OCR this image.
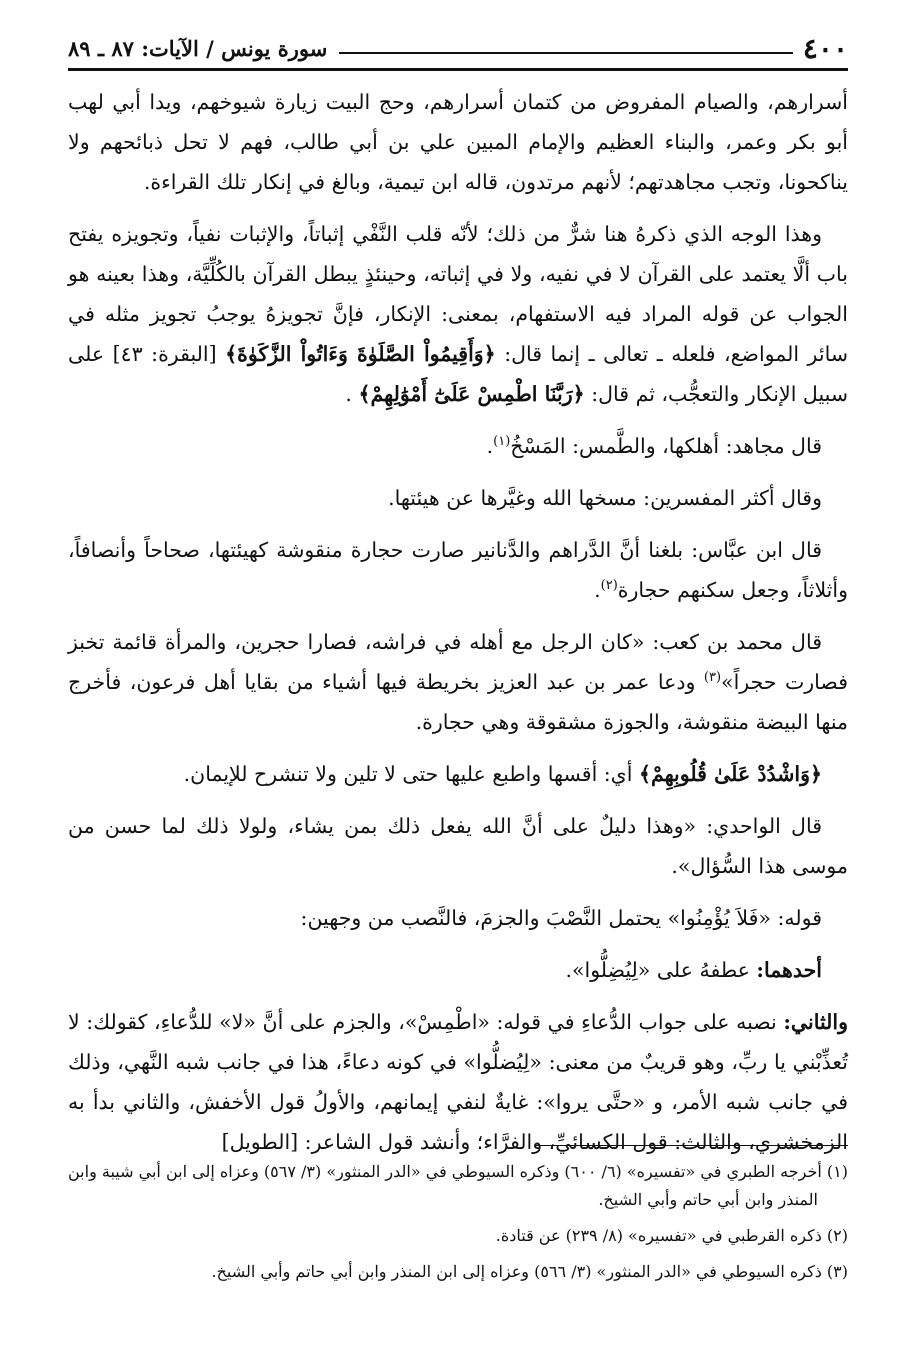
٤٠٠
سورة يونس / الآيات: ٨٧ ـ ٨٩

أسرارهم، والصيام المفروض من كتمان أسرارهم، وحج البيت زيارة شيوخهم، ويدا أبي لهب أبو بكر وعمر، والبناء العظيم والإمام المبين علي بن أبي طالب، فهم لا تحل ذبائحهم ولا يناكحونا، وتجب مجاهدتهم؛ لأنهم مرتدون، قاله ابن تيمية، وبالغ في إنكار تلك القراءة.

وهذا الوجه الذي ذكرهُ هنا شرٌّ من ذلك؛ لأنّه قلب النَّفْي إثباتاً، والإثبات نفياً، وتجويزه يفتح باب ألَّا يعتمد على القرآن لا في نفيه، ولا في إثباته، وحينئذٍ يبطل القرآن بالكُلِّيَّة، وهذا بعينه هو الجواب عن قوله المراد فيه الاستفهام، بمعنى: الإنكار، فإنَّ تجويزهُ يوجبُ تجويز مثله في سائر المواضع، فلعله ـ تعالى ـ إنما قال: ﴿وَأَقِيمُواْ الصَّلَوٰةَ وَءَاتُواْ الزَّكَوٰةَ﴾ [البقرة: ٤٣] على سبيل الإنكار والتعجُّب، ثم قال: ﴿رَبَّنَا اطْمِسْ عَلَىٰٓ أَمْوَٰلِهِمْ﴾ .

قال مجاهد: أهلكها، والطَّمس: المَسْخُ$^{(١)}$.

وقال أكثر المفسرين: مسخها الله وغيَّرها عن هيئتها.

قال ابن عبَّاس: بلغنا أنَّ الدَّراهم والدَّنانير صارت حجارة منقوشة كهيئتها، صحاحاً وأنصافاً، وأثلاثاً، وجعل سكنهم حجارة$^{(٢)}$.

قال محمد بن كعب: «كان الرجل مع أهله في فراشه، فصارا حجرين، والمرأة قائمة تخبز فصارت حجراً»$^{(٣)}$ ودعا عمر بن عبد العزيز بخريطة فيها أشياء من بقايا أهل فرعون، فأخرج منها البيضة منقوشة، والجوزة مشقوقة وهي حجارة.

﴿وَاشْدُدْ عَلَىٰ قُلُوبِهِمْ﴾ أي: أقسها واطبع عليها حتى لا تلين ولا تنشرح للإيمان.

قال الواحدي: «وهذا دليلٌ على أنَّ الله يفعل ذلك بمن يشاء، ولولا ذلك لما حسن من موسى هذا السُّؤال».

قوله: «فَلاَ يُؤْمِنُوا» يحتمل النَّصْبَ والجزمَ، فالنَّصب من وجهين:

أحدهما: عطفهُ على «لِيُضِلُّوا».

والثاني: نصبه على جواب الدُّعاءِ في قوله: «اطْمِسْ»، والجزم على أنَّ «لا» للدُّعاءِ، كقولك: لا تُعذِّبْني يا ربِّ، وهو قريبٌ من معنى: «لِيُضلُّوا» في كونه دعاءً، هذا في جانب شبه النَّهي، وذلك في جانب شبه الأمر، و «حتَّى يروا»: غايةٌ لنفي إيمانهم، والأولُ قول الأخفش، والثاني بدأ به الزمخشري، والثالث: قول الكسائيِّ، والفرَّاء؛ وأنشد قول الشاعر: [الطويل]

(١) أخرجه الطبري في «تفسيره» (٦/ ٦٠٠) وذكره السيوطي في «الدر المنثور» (٣/ ٥٦٧) وعزاه إلى ابن أبي شيبة وابن المنذر وابن أبي حاتم وأبي الشيخ.

(٢) ذكره القرطبي في «تفسيره» (٨/ ٢٣٩) عن قتادة.

(٣) ذكره السيوطي في «الدر المنثور» (٣/ ٥٦٦) وعزاه إلى ابن المنذر وابن أبي حاتم وأبي الشيخ.
